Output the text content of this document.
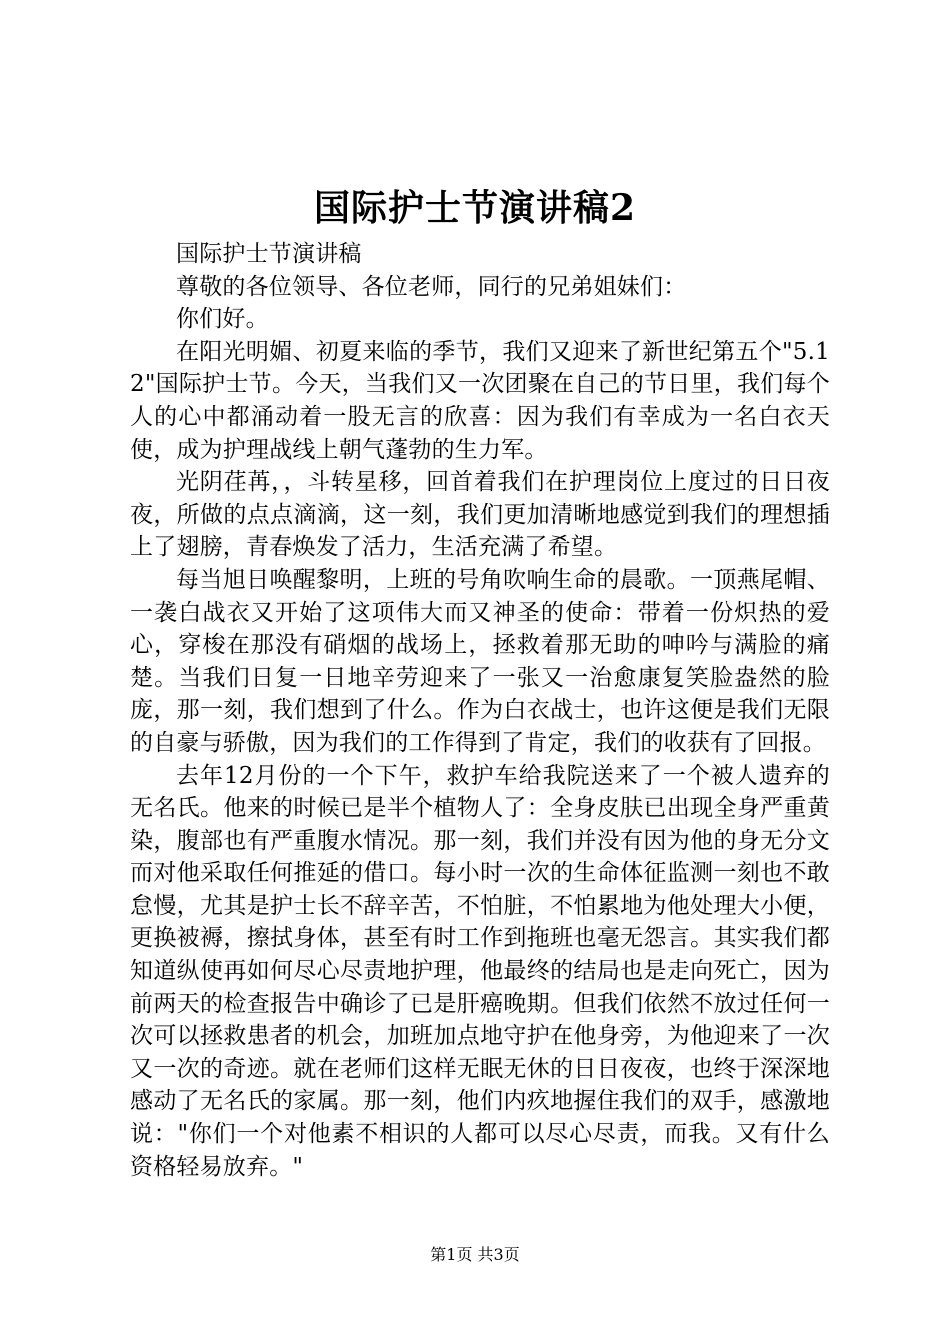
国际护士节演讲稿2

国际护士节演讲稿

尊敬的各位领导、各位老师，同行的兄弟姐妹们：

你们好。

在阳光明媚、初夏来临的季节，我们又迎来了新世纪第五个"5.12"国际护士节。今天，当我们又一次团聚在自己的节日里，我们每个人的心中都涌动着一股无言的欣喜：因为我们有幸成为一名白衣天使，成为护理战线上朝气蓬勃的生力军。

光阴荏苒，，斗转星移，回首着我们在护理岗位上度过的日日夜夜，所做的点点滴滴，这一刻，我们更加清晰地感觉到我们的理想插上了翅膀，青春焕发了活力，生活充满了希望。

每当旭日唤醒黎明，上班的号角吹响生命的晨歌。一顶燕尾帽、一袭白战衣又开始了这项伟大而又神圣的使命：带着一份炽热的爱心，穿梭在那没有硝烟的战场上，拯救着那无助的呻吟与满脸的痛楚。当我们日复一日地辛劳迎来了一张又一治愈康复笑脸盎然的脸庞，那一刻，我们想到了什么。作为白衣战士，也许这便是我们无限的自豪与骄傲，因为我们的工作得到了肯定，我们的收获有了回报。

去年12月份的一个下午，救护车给我院送来了一个被人遗弃的无名氏。他来的时候已是半个植物人了：全身皮肤已出现全身严重黄染，腹部也有严重腹水情况。那一刻，我们并没有因为他的身无分文而对他采取任何推延的借口。每小时一次的生命体征监测一刻也不敢怠慢，尤其是护士长不辞辛苦，不怕脏，不怕累地为他处理大小便，更换被褥，擦拭身体，甚至有时工作到拖班也毫无怨言。其实我们都知道纵使再如何尽心尽责地护理，他最终的结局也是走向死亡，因为前两天的检查报告中确诊了已是肝癌晚期。但我们依然不放过任何一次可以拯救患者的机会，加班加点地守护在他身旁，为他迎来了一次又一次的奇迹。就在老师们这样无眠无休的日日夜夜，也终于深深地感动了无名氏的家属。那一刻，他们内疚地握住我们的双手，感激地说："你们一个对他素不相识的人都可以尽心尽责，而我。又有什么资格轻易放弃。"

第1页 共3页
